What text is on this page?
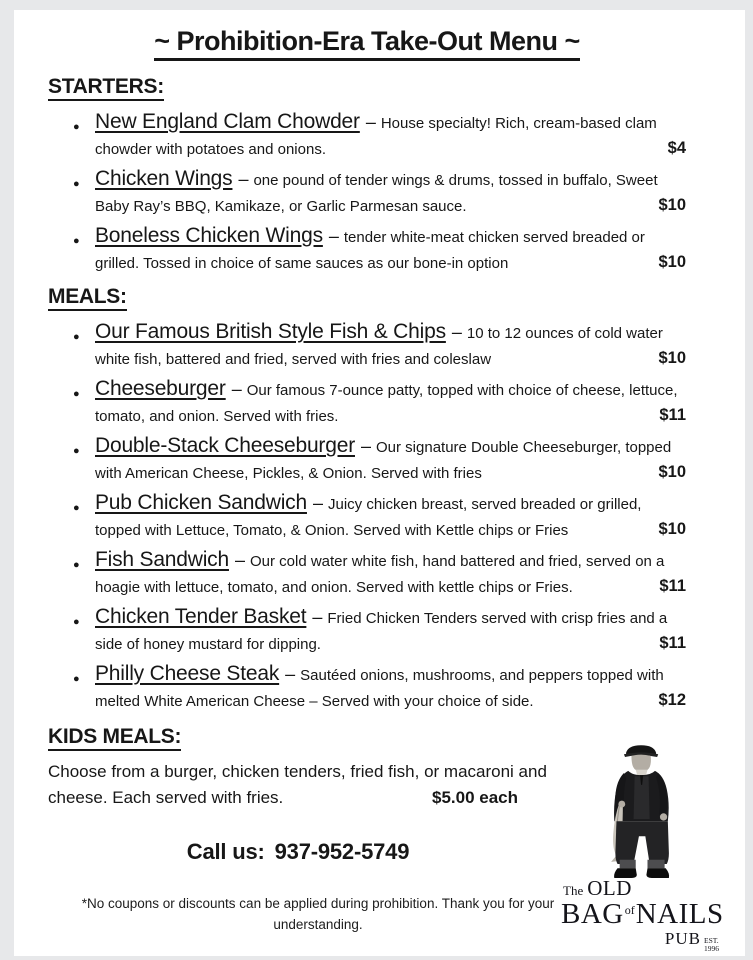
~ Prohibition-Era Take-Out Menu ~
STARTERS:
● New England Clam Chowder – House specialty! Rich, cream-based clam chowder with potatoes and onions.	$4
● Chicken Wings – one pound of tender wings & drums, tossed in buffalo, Sweet Baby Ray’s BBQ, Kamikaze, or Garlic Parmesan sauce.	$10
● Boneless Chicken Wings – tender white-meat chicken served breaded or grilled. Tossed in choice of same sauces as our bone-in option	$10
MEALS:
● Our Famous British Style Fish & Chips – 10 to 12 ounces of cold water white fish, battered and fried, served with fries and coleslaw	$10
● Cheeseburger – Our famous 7-ounce patty, topped with choice of cheese, lettuce, tomato, and onion. Served with fries.	$11
● Double-Stack Cheeseburger – Our signature Double Cheeseburger, topped with American Cheese, Pickles, & Onion. Served with fries	$10
● Pub Chicken Sandwich – Juicy chicken breast, served breaded or grilled, topped with Lettuce, Tomato, & Onion. Served with Kettle chips or Fries	$10
● Fish Sandwich – Our cold water white fish, hand battered and fried, served on a hoagie with lettuce, tomato, and onion. Served with kettle chips or Fries.	$11
● Chicken Tender Basket – Fried Chicken Tenders served with crisp fries and a side of honey mustard for dipping.	$11
● Philly Cheese Steak – Sautéed onions, mushrooms, and peppers topped with melted White American Cheese – Served with your choice of side.	$12
KIDS MEALS:

Choose from a burger, chicken tenders, fried fish, or macaroni and cheese. Each served with fries.	$5.00 each

Call us: 937-952-5749
*No coupons or discounts can be applied during prohibition. Thank you for your understanding.
The OLD
$BAG^{of}NAILS$
PUB EST.
1996
